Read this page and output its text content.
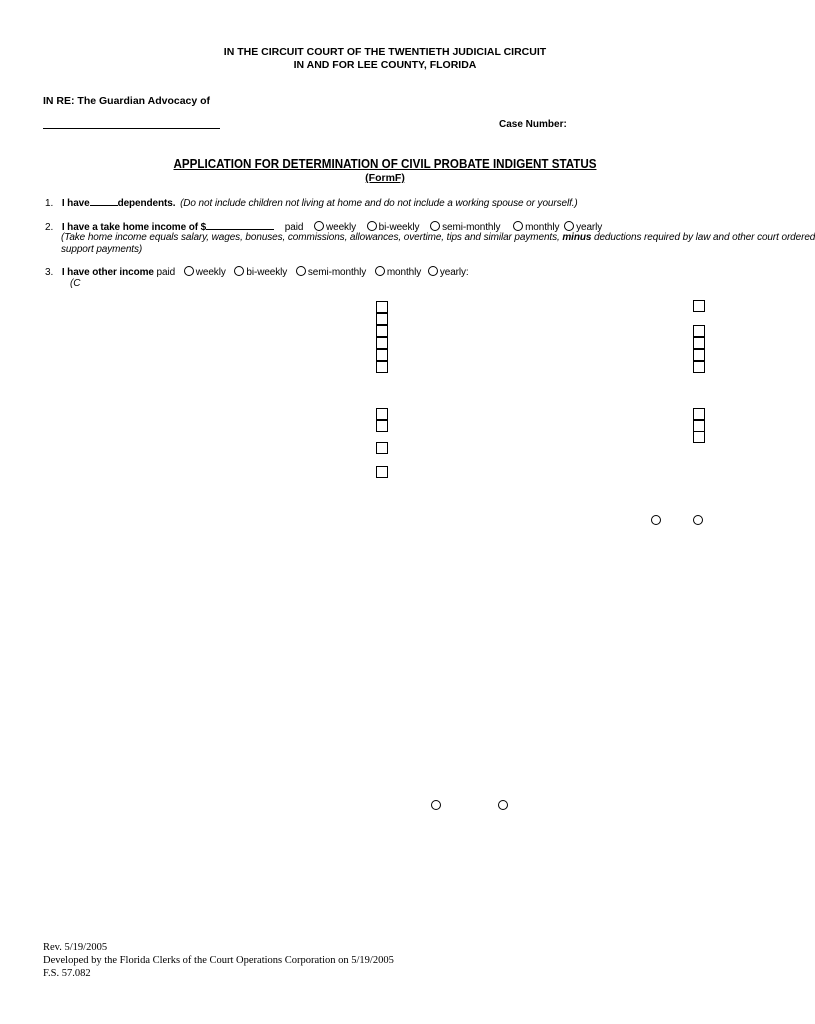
IN THE CIRCUIT COURT OF THE TWENTIETH JUDICIAL CIRCUIT
IN AND FOR LEE COUNTY, FLORIDA
IN RE: The Guardian Advocacy of
Case Number:
APPLICATION FOR DETERMINATION OF CIVIL PROBATE INDIGENT STATUS
(FormF)
1. I have	dependents. (Do not include children not living at home and do not include a working spouse or yourself.)
2. I have a take home income of $	paid weekly bi-weekly semi-monthly monthly yearly
(Take home income equals salary, wages, bonuses, commissions, allowances, overtime, tips and similar payments, minus deductions required by law and other court ordered
support payments)
3. I have other income paid weekly bi-weekly semi-monthly monthly yearly:
(C
Rev. 5/19/2005
Developed by the Florida Clerks of the Court Operations Corporation on 5/19/2005
F.S. 57.082
